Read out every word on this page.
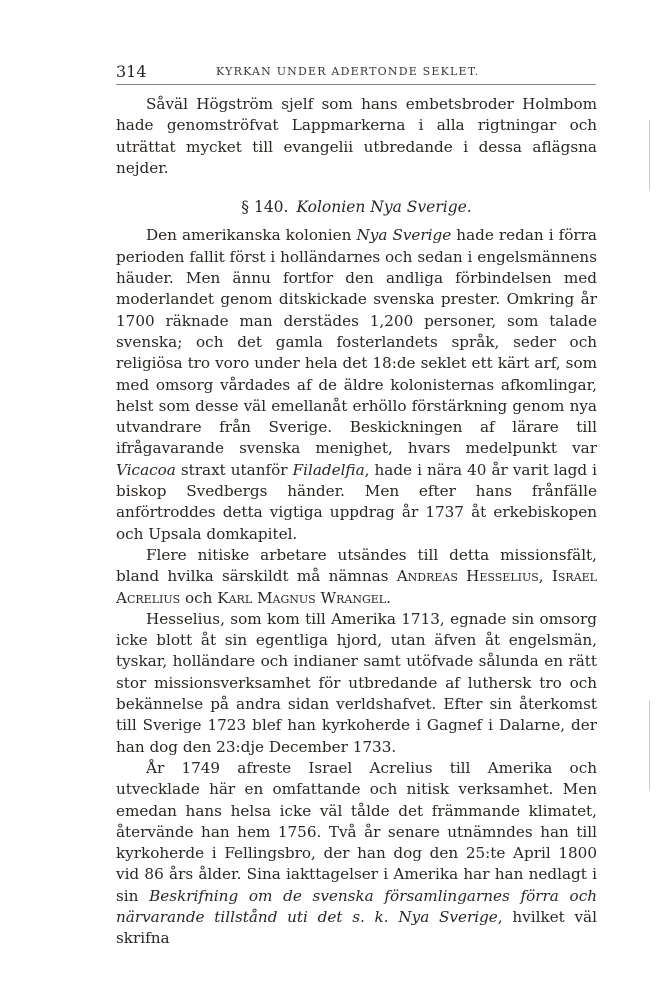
314	KYRKAN UNDER ADERTONDE SEKLET.

Såväl Högström sjelf som hans embetsbroder Holmbom hade genomströfvat Lappmarkerna i alla rigtningar och uträttat mycket till evangelii utbredande i dessa aflägsna nejder.

§ 140. Kolonien Nya Sverige.

Den amerikanska kolonien Nya Sverige hade redan i förra perioden fallit först i holländarnes och sedan i engelsmännens häuder. Men ännu fortfor den andliga förbindelsen med moderlandet genom ditskickade svenska prester. Omkring år 1700 räknade man derstädes 1,200 personer, som talade svenska; och det gamla fosterlandets språk, seder och religiösa tro voro under hela det 18:de seklet ett kärt arf, som med omsorg vårdades af de äldre kolonisternas afkomlingar, helst som desse väl emellanåt erhöllo förstärkning genom nya utvandrare från Sverige. Beskickningen af lärare till ifrågavarande svenska menighet, hvars medelpunkt var Vicacoa straxt utanför Filadelfia, hade i nära 40 år varit lagd i biskop Svedbergs händer. Men efter hans frånfälle anförtroddes detta vigtiga uppdrag år 1737 åt erkebiskopen och Upsala domkapitel.

Flere nitiske arbetare utsändes till detta missionsfält, bland hvilka särskildt må nämnas Andreas Hesselius, Israel Acrelius och Karl Magnus Wrangel.

Hesselius, som kom till Amerika 1713, egnade sin omsorg icke blott åt sin egentliga hjord, utan äfven åt engelsmän, tyskar, holländare och indianer samt utöfvade sålunda en rätt stor missionsverksamhet för utbredande af luthersk tro och bekännelse på andra sidan verldshafvet. Efter sin återkomst till Sverige 1723 blef han kyrkoherde i Gagnef i Dalarne, der han dog den 23:dje December 1733.

År 1749 afreste Israel Acrelius till Amerika och utvecklade här en omfattande och nitisk verksamhet. Men emedan hans helsa icke väl tålde det främmande klimatet, återvände han hem 1756. Två år senare utnämndes han till kyrkoherde i Fellingsbro, der han dog den 25:te April 1800 vid 86 års ålder. Sina iakttagelser i Amerika har han nedlagt i sin Beskrifning om de svenska församlingarnes förra och närvarande tillstånd uti det s. k. Nya Sverige, hvilket väl skrifna
